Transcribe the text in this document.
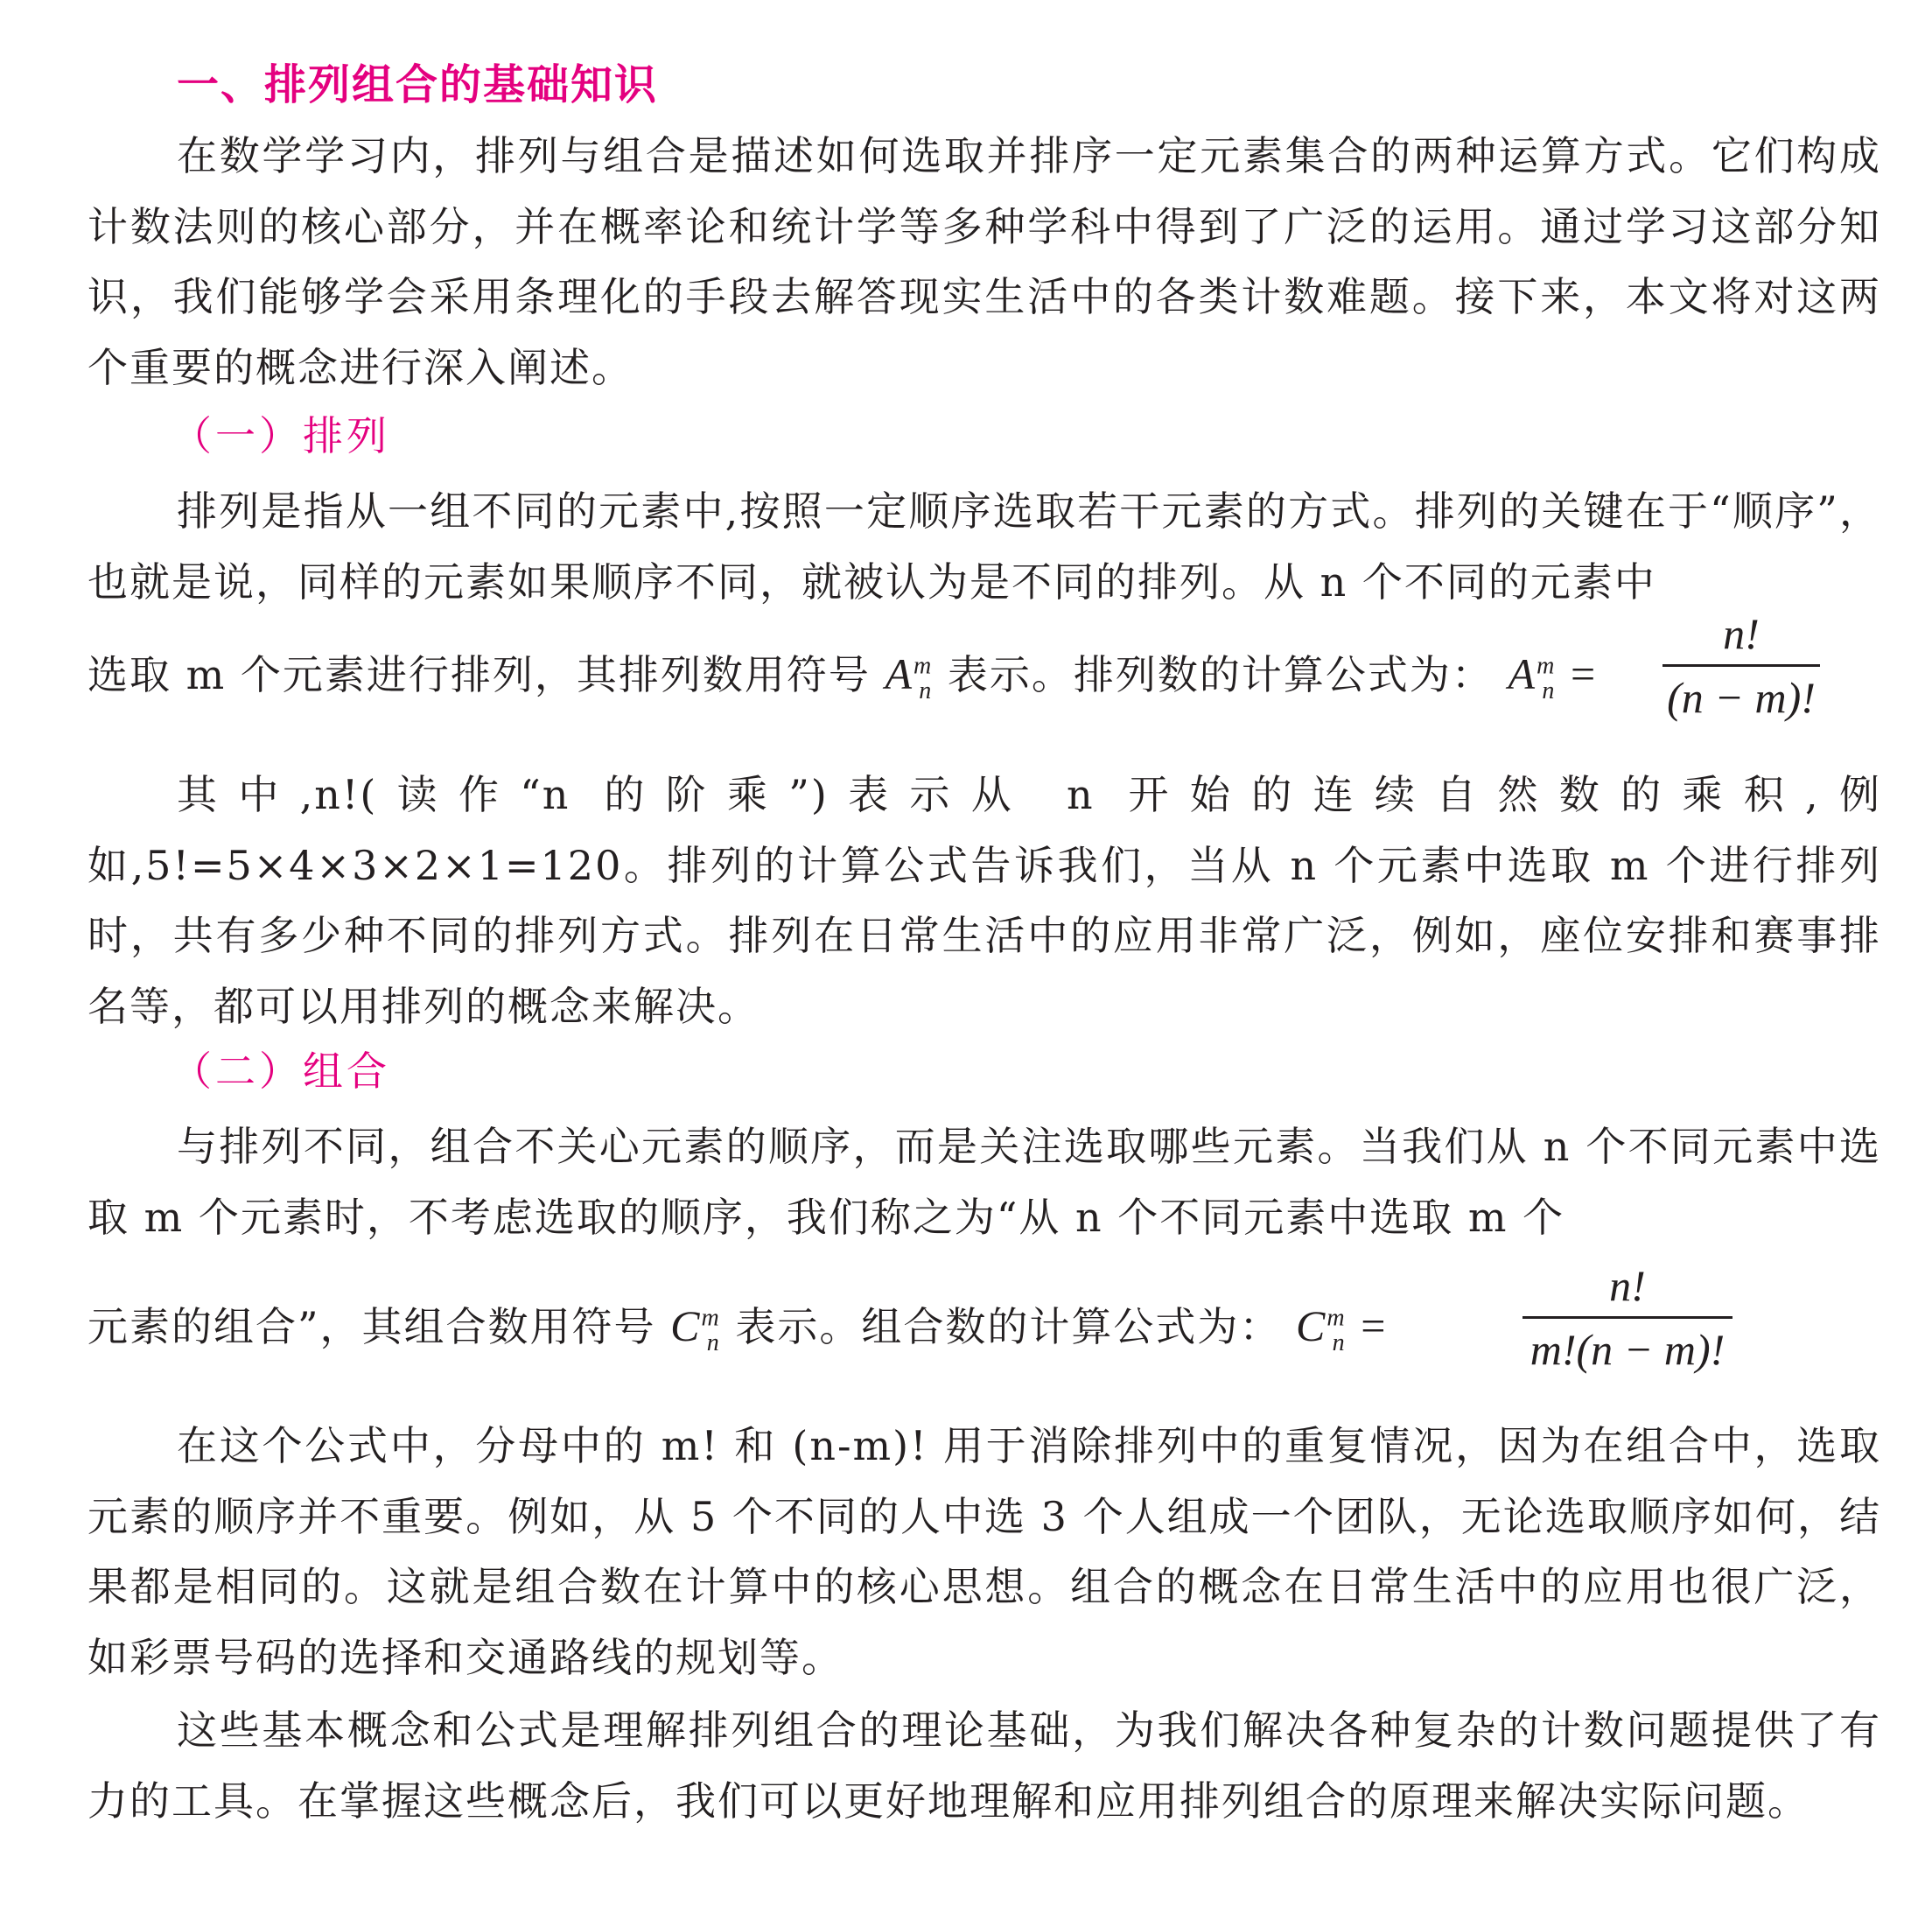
一、排列组合的基础知识

在数学学习内，排列与组合是描述如何选取并排序一定元素集合的两种运算方式。它们构成计数法则的核心部分，并在概率论和统计学等多种学科中得到了广泛的运用。通过学习这部分知识，我们能够学会采用条理化的手段去解答现实生活中的各类计数难题。接下来，本文将对这两个重要的概念进行深入阐述。

（一）排列

排列是指从一组不同的元素中,按照一定顺序选取若干元素的方式。排列的关键在于“顺序”，也就是说，同样的元素如果顺序不同，就被认为是不同的排列。从 n 个不同的元素中

选取 m 个元素进行排列，其排列数用符号 $A^m_n$ 表示。排列数的计算公式为： $A^m_n$ =
n!
(n − m)!

其中,n!(读作“n 的阶乘”)表示从 n 开始的连续自然数的乘积,例如,5!=5×4×3×2×1=120。排列的计算公式告诉我们，当从 n 个元素中选取 m 个进行排列时，共有多少种不同的排列方式。排列在日常生活中的应用非常广泛，例如，座位安排和赛事排名等，都可以用排列的概念来解决。

（二）组合

与排列不同，组合不关心元素的顺序，而是关注选取哪些元素。当我们从 n 个不同元素中选取 m 个元素时，不考虑选取的顺序，我们称之为“从 n 个不同元素中选取 m 个

元素的组合”，其组合数用符号 $C^m_n$ 表示。组合数的计算公式为： $C^m_n$ =
n!
m!(n − m)!

在这个公式中，分母中的 m! 和 (n-m)! 用于消除排列中的重复情况，因为在组合中，选取元素的顺序并不重要。例如，从 5 个不同的人中选 3 个人组成一个团队，无论选取顺序如何，结果都是相同的。这就是组合数在计算中的核心思想。组合的概念在日常生活中的应用也很广泛，如彩票号码的选择和交通路线的规划等。

这些基本概念和公式是理解排列组合的理论基础，为我们解决各种复杂的计数问题提供了有力的工具。在掌握这些概念后，我们可以更好地理解和应用排列组合的原理来解决实际问题。
